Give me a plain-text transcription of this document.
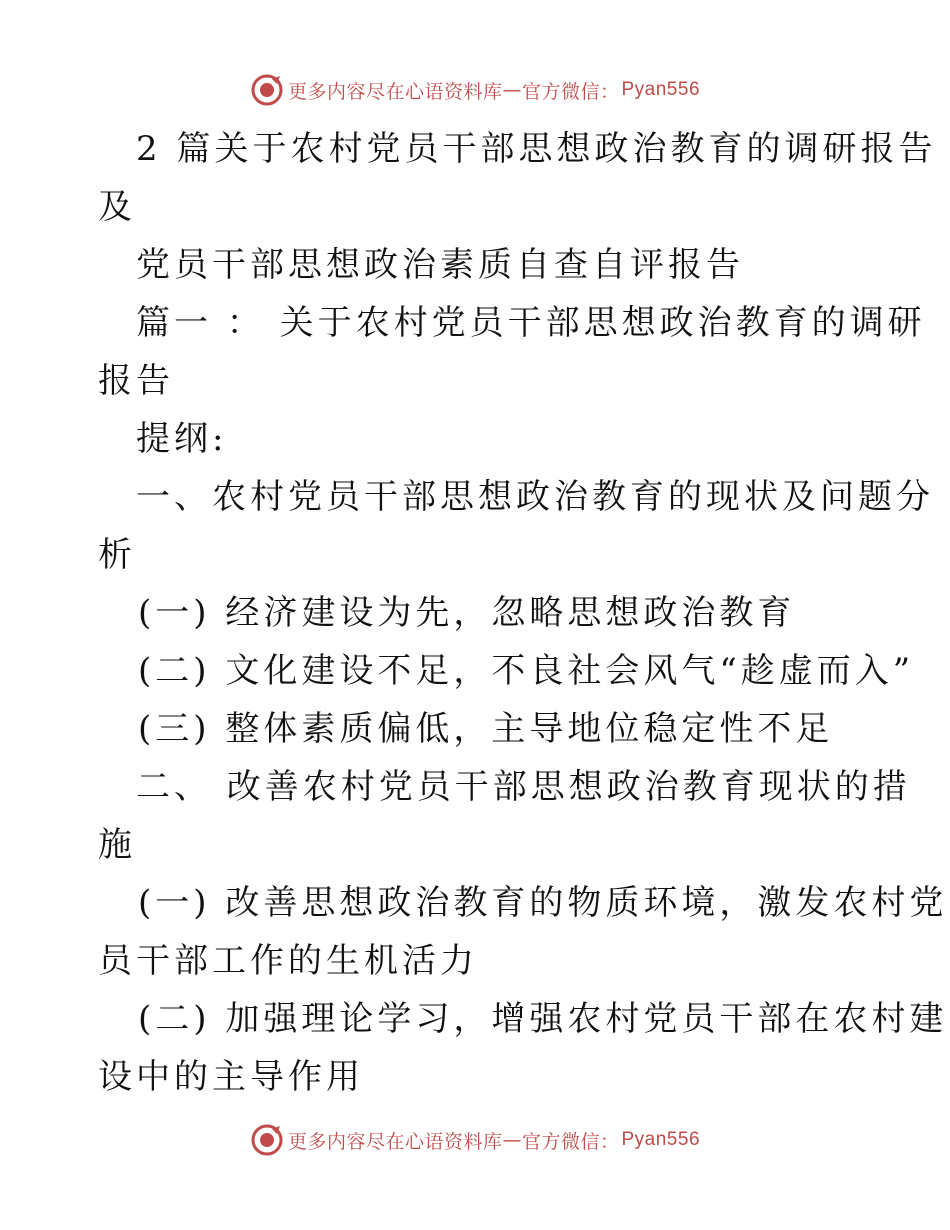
更多内容尽在心语资料库 — 官方微信： Pyan556

2 篇关于农村党员干部思想政治教育的调研报告

及

党员干部思想政治素质自查自评报告

篇一 ： 关于农村党员干部思想政治教育的调研

报告

提纲:

一、农村党员干部思想政治教育的现状及问题分

析

(一) 经济建设为先，忽略思想政治教育

(二) 文化建设不足，不良社会风气“趁虚而入”

(三) 整体素质偏低，主导地位稳定性不足

二、 改善农村党员干部思想政治教育现状的措

施

(一) 改善思想政治教育的物质环境，激发农村党

员干部工作的生机活力

(二) 加强理论学习，增强农村党员干部在农村建

设中的主导作用

更多内容尽在心语资料库 — 官方微信： Pyan556
